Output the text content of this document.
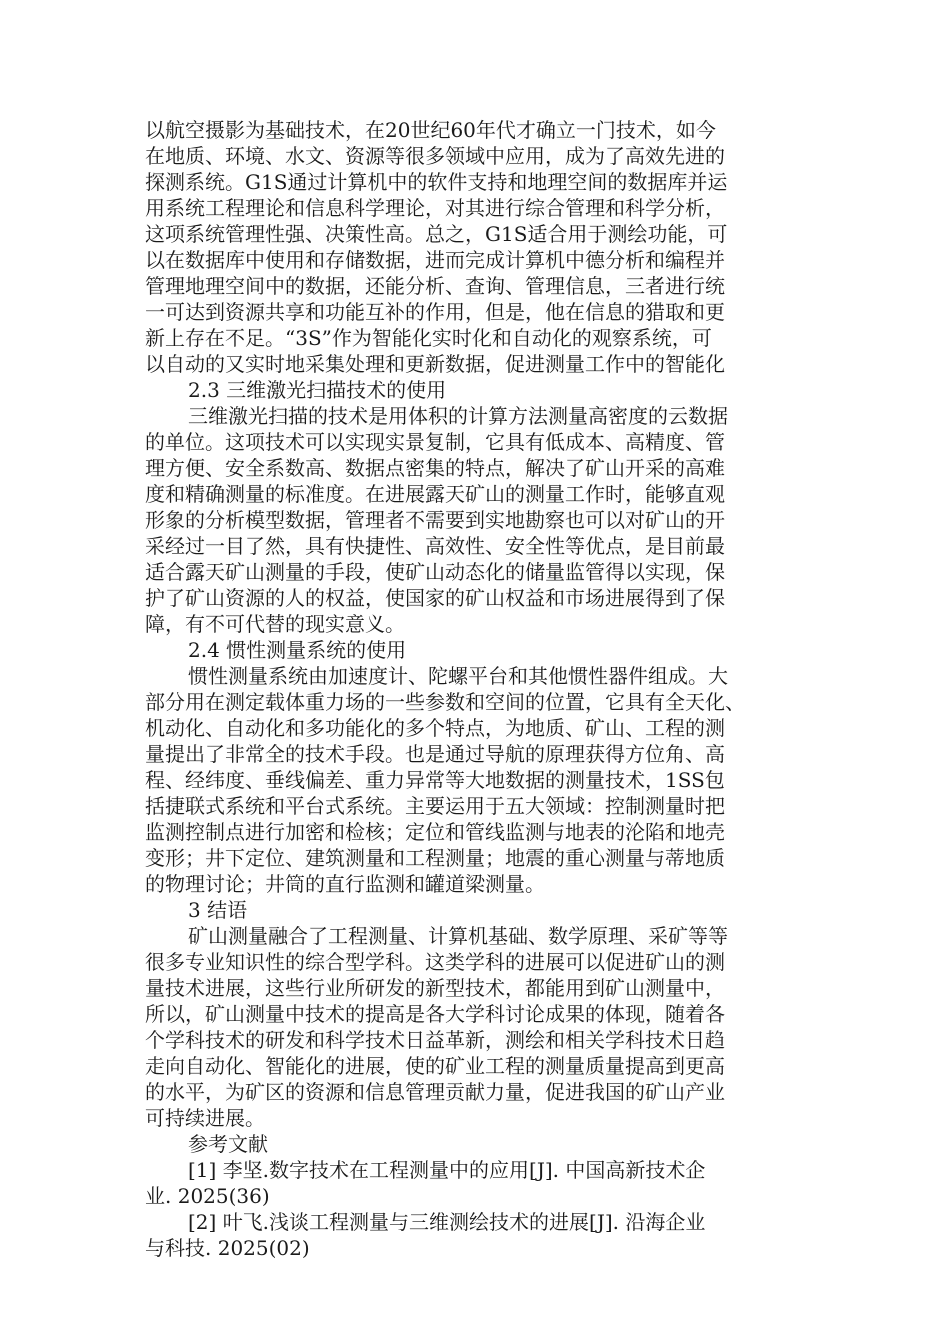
以航空摄影为基础技术，在20世纪60年代才确立一门技术，如今
在地质、环境、水文、资源等很多领域中应用，成为了高效先进的
探测系统。G1S通过计算机中的软件支持和地理空间的数据库并运
用系统工程理论和信息科学理论，对其进行综合管理和科学分析，
这项系统管理性强、决策性高。总之，G1S适合用于测绘功能，可
以在数据库中使用和存储数据，进而完成计算机中德分析和编程并
管理地理空间中的数据，还能分析、查询、管理信息，三者进行统
一可达到资源共享和功能互补的作用，但是，他在信息的猎取和更
新上存在不足。“3S”作为智能化实时化和自动化的观察系统，可
以自动的又实时地采集处理和更新数据，促进测量工作中的智能化
2.3 三维激光扫描技术的使用
三维激光扫描的技术是用体积的计算方法测量高密度的云数据
的单位。这项技术可以实现实景复制，它具有低成本、高精度、管
理方便、安全系数高、数据点密集的特点，解决了矿山开采的高难
度和精确测量的标准度。在进展露天矿山的测量工作时，能够直观
形象的分析模型数据，管理者不需要到实地勘察也可以对矿山的开
采经过一目了然，具有快捷性、高效性、安全性等优点，是目前最
适合露天矿山测量的手段，使矿山动态化的储量监管得以实现，保
护了矿山资源的人的权益，使国家的矿山权益和市场进展得到了保
障，有不可代替的现实意义。
2.4 惯性测量系统的使用
惯性测量系统由加速度计、陀螺平台和其他惯性器件组成。大
部分用在测定载体重力场的一些参数和空间的位置，它具有全天化、
机动化、自动化和多功能化的多个特点，为地质、矿山、工程的测
量提出了非常全的技术手段。也是通过导航的原理获得方位角、高
程、经纬度、垂线偏差、重力异常等大地数据的测量技术，1SS包
括捷联式系统和平台式系统。主要运用于五大领域：控制测量时把
监测控制点进行加密和检核；定位和管线监测与地表的沦陷和地壳
变形；井下定位、建筑测量和工程测量；地震的重心测量与蒂地质
的物理讨论；井筒的直行监测和罐道梁测量。
3 结语
矿山测量融合了工程测量、计算机基础、数学原理、采矿等等
很多专业知识性的综合型学科。这类学科的进展可以促进矿山的测
量技术进展，这些行业所研发的新型技术，都能用到矿山测量中，
所以，矿山测量中技术的提高是各大学科讨论成果的体现，随着各
个学科技术的研发和科学技术日益革新，测绘和相关学科技术日趋
走向自动化、智能化的进展，使的矿业工程的测量质量提高到更高
的水平，为矿区的资源和信息管理贡献力量，促进我国的矿山产业
可持续进展。
参考文献
[1] 李坚.数字技术在工程测量中的应用[J]. 中国高新技术企
业. 2025(36)
[2] 叶飞.浅谈工程测量与三维测绘技术的进展[J]. 沿海企业
与科技. 2025(02)
